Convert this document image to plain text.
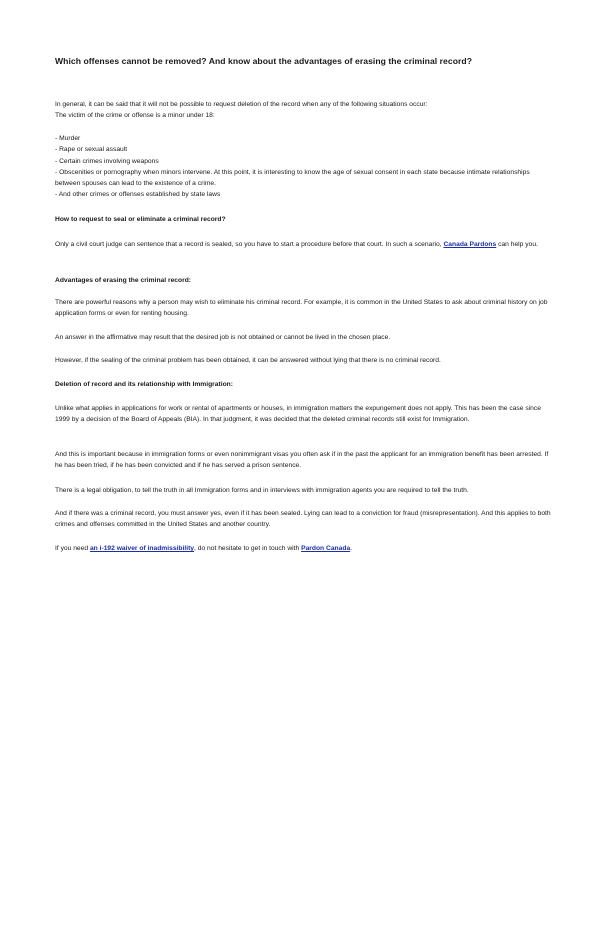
Which offenses cannot be removed? And know about the advantages of erasing the criminal record?

In general, it can be said that it will not be possible to request deletion of the record when any of the following situations occur:

The victim of the crime or offense is a minor under 18:

- Murder

- Rape or sexual assault

- Certain crimes involving weapons

- Obscenities or pornography when minors intervene. At this point, it is interesting to know the age of sexual consent in each state because intimate relationships between spouses can lead to the existence of a crime.

- And other crimes or offenses established by state laws

How to request to seal or eliminate a criminal record?

Only a civil court judge can sentence that a record is sealed, so you have to start a procedure before that court. In such a scenario, Canada Pardons can help you.

Advantages of erasing the criminal record:
There are powerful reasons why a person may wish to eliminate his criminal record. For example, it is common in the United States to ask about criminal history on job application forms or even for renting housing.
An answer in the affirmative may result that the desired job is not obtained or cannot be lived in the chosen place.
However, if the sealing of the criminal problem has been obtained, it can be answered without lying that there is no criminal record.
Deletion of record and its relationship with Immigration:
Unlike what applies in applications for work or rental of apartments or houses, in immigration matters the expungement does not apply. This has been the case since 1999 by a decision of the Board of Appeals (BIA). In that judgment, it was decided that the deleted criminal records still exist for Immigration.
And this is important because in immigration forms or even nonimmigrant visas you often ask if in the past the applicant for an immigration benefit has been arrested. If he has been tried, if he has been convicted and if he has served a prison sentence.
There is a legal obligation, to tell the truth in all Immigration forms and in interviews with immigration agents you are required to tell the truth.
And if there was a criminal record, you must answer yes, even if it has been sealed. Lying can lead to a conviction for fraud (misrepresentation). And this applies to both crimes and offenses committed in the United States and another country.

If you need an i-192 waiver of inadmissibility, do not hesitate to get in touch with Pardon Canada.
